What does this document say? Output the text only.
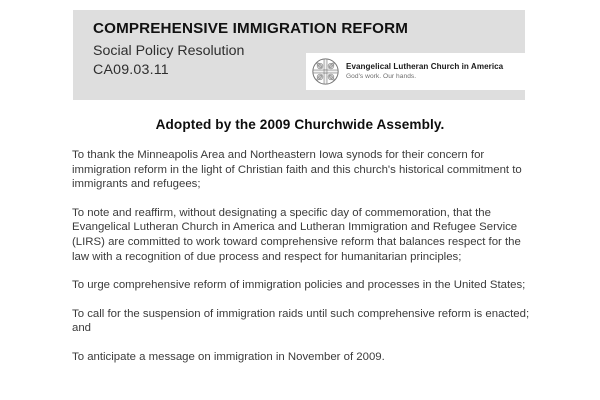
COMPREHENSIVE IMMIGRATION REFORM
Social Policy Resolution
CA09.03.11	Evangelical Lutheran Church in America
God's work. Our hands.
Adopted by the 2009 Churchwide Assembly.

To thank the Minneapolis Area and Northeastern Iowa synods for their concern for immigration reform in the light of Christian faith and this church's historical commitment to immigrants and refugees;

To note and reaffirm, without designating a specific day of commemoration, that the Evangelical Lutheran Church in America and Lutheran Immigration and Refugee Service (LIRS) are committed to work toward comprehensive reform that balances respect for the law with a recognition of due process and respect for humanitarian principles;

To urge comprehensive reform of immigration policies and processes in the United States;

To call for the suspension of immigration raids until such comprehensive reform is enacted; and

To anticipate a message on immigration in November of 2009.
